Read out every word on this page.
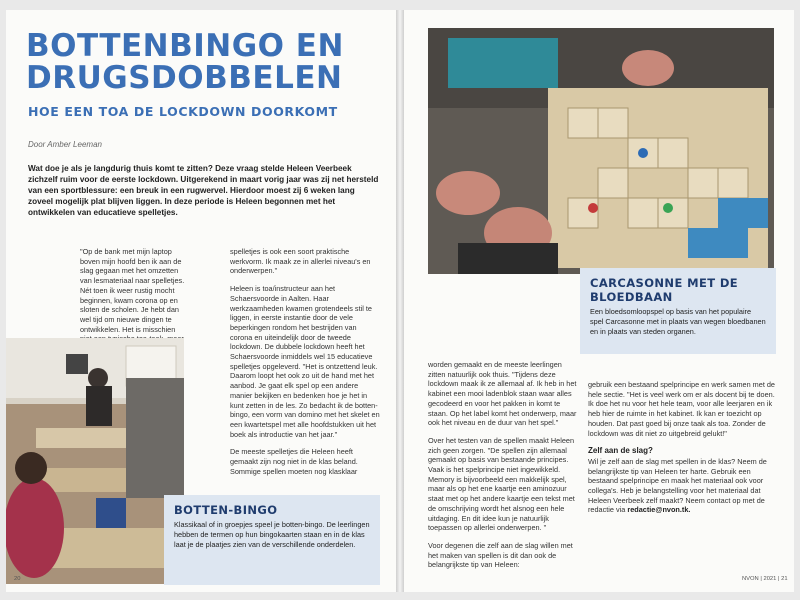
BOTTENBINGO EN DRUGSDOBBELEN
HOE EEN TOA DE LOCKDOWN DOORKOMT
Door Amber Leeman
Wat doe je als je langdurig thuis komt te zitten? Deze vraag stelde Heleen Veerbeek zichzelf ruim voor de eerste lockdown. Uitgerekend in maart vorig jaar was zij net hersteld van een sportblessure: een breuk in een rugwervel. Hierdoor moest zij 6 weken lang zoveel mogelijk plat blijven liggen. In deze periode is Heleen begonnen met het ontwikkelen van educatieve spelletjes.

"Op de bank met mijn laptop boven mijn hoofd ben ik aan de slag gegaan met het omzetten van lesmateriaal naar spelletjes. Nét toen ik weer rustig mocht beginnen, kwam corona op en sloten de scholen. Je hebt dan wel tijd om nieuwe dingen te ontwikkelen. Het is misschien

spelletjes is ook een soort praktische werkvorm. Ik maak ze in allerlei niveau's en onderwerpen."

Heleen is toa/instructeur aan het Schaersvoorde in Aalten. Haar werkzaamheden kwamen grotendeels stil te liggen, in eerste instantie door de vele beperkingen rondom het bestrijden van corona en uiteindelijk door de tweede lockdown. De dubbele lockdown heeft het Schaersvoorde inmiddels wel 15 educatieve spelletjes opgeleverd. "Het is ontzettend leuk. Daarom loopt het ook zo uit de hand met het aanbod. Je gaat elk spel op een andere manier bekijken en bedenken hoe je het in kunt zetten in de les. Zo bedacht ik de botten-bingo, een vorm van domino met het skelet en een kwartetspel met alle hoofdstukken uit het boek als introductie van het jaar."

De meeste spelletjes die Heleen heeft gemaakt zijn nog niet in de klas beland. Sommige spellen moeten nog klasklaar

BOTTEN-BINGO
Klassikaal of in groepjes speel je botten-bingo. De leerlingen hebben de termen op hun bingokaarten staan en in de klas laat je de plaatjes zien van de verschillende onderdelen.
20
CARCASONNE MET DE BLOEDBAAN
Een bloedsomloopspel op basis van het populaire spel Carcasonne met in plaats van wegen bloedbanen en in plaats van steden organen.

worden gemaakt en de meeste leerlingen zitten natuurlijk ook thuis. "Tijdens deze lockdown maak ik ze allemaal af. Ik heb in het kabinet een mooi ladenblok staan waar alles gecodeerd en voor het pakken in komt te staan. Op het label komt het onderwerp, maar ook het niveau en de duur van het spel."

Over het testen van de spellen maakt Heleen zich geen zorgen. "De spellen zijn allemaal gemaakt op basis van bestaande principes. Vaak is het spelprincipe niet ingewikkeld. Memory is bijvoorbeeld een makkelijk spel, maar als op het ene kaartje een aminozuur staat met op het andere kaartje een tekst met de omschrijving wordt het alsnog een hele uitdaging. En dit idee kun je natuurlijk toepassen op allerlei onderwerpen. "

Voor degenen die zelf aan de slag willen met het maken van spellen is dit dan ook de belangrijkste tip van Heleen:

gebruik een bestaand spelprincipe en werk samen met de hele sectie. "Het is veel werk om er als docent bij te doen. Ik doe het nu voor het hele team, voor alle leerjaren en ik heb hier de ruimte in het kabinet. Ik kan er toezicht op houden. Dat past goed bij onze taak als toa. Zonder de lockdown was dit niet zo uitgebreid gelukt!"

Zelf aan de slag?
Wil je zelf aan de slag met spellen in de klas? Neem de belangrijkste tip van Heleen ter harte. Gebruik een bestaand spelprincipe en maak het materiaal ook voor collega's. Heb je belangstelling voor het materiaal dat Heleen Veerbeek zelf maakt? Neem contact op met de redactie via redactie@nvon.tk.

NVON | 2021 | 21
